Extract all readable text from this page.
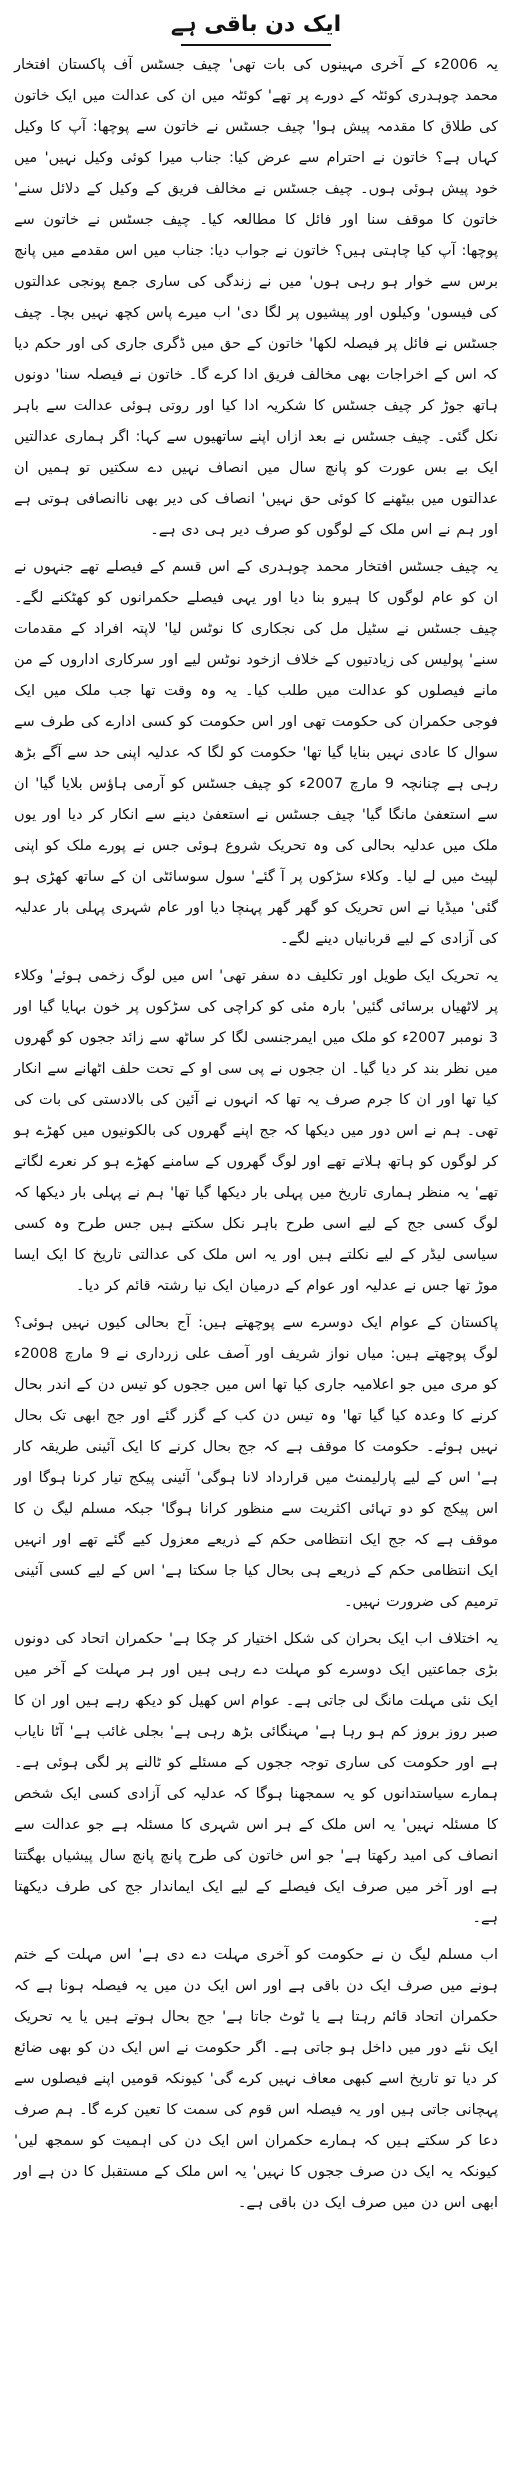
ایک دن باقی ہے

یہ 2006ء کے آخری مہینوں کی بات تھی' چیف جسٹس آف پاکستان افتخار محمد چوہدری کوئٹہ کے دورے پر تھے' کوئٹہ میں ان کی عدالت میں ایک خاتون کی طلاق کا مقدمہ پیش ہوا' چیف جسٹس نے خاتون سے پوچھا: آپ کا وکیل کہاں ہے؟ خاتون نے احترام سے عرض کیا: جناب میرا کوئی وکیل نہیں' میں خود پیش ہوئی ہوں۔ چیف جسٹس نے مخالف فریق کے وکیل کے دلائل سنے' خاتون کا موقف سنا اور فائل کا مطالعہ کیا۔ چیف جسٹس نے خاتون سے پوچھا: آپ کیا چاہتی ہیں؟ خاتون نے جواب دیا: جناب میں اس مقدمے میں پانچ برس سے خوار ہو رہی ہوں' میں نے زندگی کی ساری جمع پونجی عدالتوں کی فیسوں' وکیلوں اور پیشیوں پر لگا دی' اب میرے پاس کچھ نہیں بچا۔ چیف جسٹس نے فائل پر فیصلہ لکھا' خاتون کے حق میں ڈگری جاری کی اور حکم دیا کہ اس کے اخراجات بھی مخالف فریق ادا کرے گا۔ خاتون نے فیصلہ سنا' دونوں ہاتھ جوڑ کر چیف جسٹس کا شکریہ ادا کیا اور روتی ہوئی عدالت سے باہر نکل گئی۔ چیف جسٹس نے بعد ازاں اپنے ساتھیوں سے کہا: اگر ہماری عدالتیں ایک بے بس عورت کو پانچ سال میں انصاف نہیں دے سکتیں تو ہمیں ان عدالتوں میں بیٹھنے کا کوئی حق نہیں' انصاف کی دیر بھی ناانصافی ہوتی ہے اور ہم نے اس ملک کے لوگوں کو صرف دیر ہی دی ہے۔

یہ چیف جسٹس افتخار محمد چوہدری کے اس قسم کے فیصلے تھے جنہوں نے ان کو عام لوگوں کا ہیرو بنا دیا اور یہی فیصلے حکمرانوں کو کھٹکنے لگے۔ چیف جسٹس نے سٹیل مل کی نجکاری کا نوٹس لیا' لاپتہ افراد کے مقدمات سنے' پولیس کی زیادتیوں کے خلاف ازخود نوٹس لیے اور سرکاری اداروں کے من مانے فیصلوں کو عدالت میں طلب کیا۔ یہ وہ وقت تھا جب ملک میں ایک فوجی حکمران کی حکومت تھی اور اس حکومت کو کسی ادارے کی طرف سے سوال کا عادی نہیں بنایا گیا تھا' حکومت کو لگا کہ عدلیہ اپنی حد سے آگے بڑھ رہی ہے چنانچہ 9 مارچ 2007ء کو چیف جسٹس کو آرمی ہاؤس بلایا گیا' ان سے استعفیٰ مانگا گیا' چیف جسٹس نے استعفیٰ دینے سے انکار کر دیا اور یوں ملک میں عدلیہ بحالی کی وہ تحریک شروع ہوئی جس نے پورے ملک کو اپنی لپیٹ میں لے لیا۔ وکلاء سڑکوں پر آ گئے' سول سوسائٹی ان کے ساتھ کھڑی ہو گئی' میڈیا نے اس تحریک کو گھر گھر پہنچا دیا اور عام شہری پہلی بار عدلیہ کی آزادی کے لیے قربانیاں دینے لگے۔

یہ تحریک ایک طویل اور تکلیف دہ سفر تھی' اس میں لوگ زخمی ہوئے' وکلاء پر لاٹھیاں برسائی گئیں' بارہ مئی کو کراچی کی سڑکوں پر خون بہایا گیا اور 3 نومبر 2007ء کو ملک میں ایمرجنسی لگا کر ساٹھ سے زائد ججوں کو گھروں میں نظر بند کر دیا گیا۔ ان ججوں نے پی سی او کے تحت حلف اٹھانے سے انکار کیا تھا اور ان کا جرم صرف یہ تھا کہ انہوں نے آئین کی بالادستی کی بات کی تھی۔ ہم نے اس دور میں دیکھا کہ جج اپنے گھروں کی بالکونیوں میں کھڑے ہو کر لوگوں کو ہاتھ ہلاتے تھے اور لوگ گھروں کے سامنے کھڑے ہو کر نعرے لگاتے تھے' یہ منظر ہماری تاریخ میں پہلی بار دیکھا گیا تھا' ہم نے پہلی بار دیکھا کہ لوگ کسی جج کے لیے اسی طرح باہر نکل سکتے ہیں جس طرح وہ کسی سیاسی لیڈر کے لیے نکلتے ہیں اور یہ اس ملک کی عدالتی تاریخ کا ایک ایسا موڑ تھا جس نے عدلیہ اور عوام کے درمیان ایک نیا رشتہ قائم کر دیا۔

پاکستان کے عوام ایک دوسرے سے پوچھتے ہیں: آج بحالی کیوں نہیں ہوئی؟ لوگ پوچھتے ہیں: میاں نواز شریف اور آصف علی زرداری نے 9 مارچ 2008ء کو مری میں جو اعلامیہ جاری کیا تھا اس میں ججوں کو تیس دن کے اندر بحال کرنے کا وعدہ کیا گیا تھا' وہ تیس دن کب کے گزر گئے اور جج ابھی تک بحال نہیں ہوئے۔ حکومت کا موقف ہے کہ جج بحال کرنے کا ایک آئینی طریقہ کار ہے' اس کے لیے پارلیمنٹ میں قرارداد لانا ہوگی' آئینی پیکج تیار کرنا ہوگا اور اس پیکج کو دو تہائی اکثریت سے منظور کرانا ہوگا' جبکہ مسلم لیگ ن کا موقف ہے کہ جج ایک انتظامی حکم کے ذریعے معزول کیے گئے تھے اور انہیں ایک انتظامی حکم کے ذریعے ہی بحال کیا جا سکتا ہے' اس کے لیے کسی آئینی ترمیم کی ضرورت نہیں۔

یہ اختلاف اب ایک بحران کی شکل اختیار کر چکا ہے' حکمران اتحاد کی دونوں بڑی جماعتیں ایک دوسرے کو مہلت دے رہی ہیں اور ہر مہلت کے آخر میں ایک نئی مہلت مانگ لی جاتی ہے۔ عوام اس کھیل کو دیکھ رہے ہیں اور ان کا صبر روز بروز کم ہو رہا ہے' مہنگائی بڑھ رہی ہے' بجلی غائب ہے' آٹا نایاب ہے اور حکومت کی ساری توجہ ججوں کے مسئلے کو ٹالنے پر لگی ہوئی ہے۔ ہمارے سیاستدانوں کو یہ سمجھنا ہوگا کہ عدلیہ کی آزادی کسی ایک شخص کا مسئلہ نہیں' یہ اس ملک کے ہر اس شہری کا مسئلہ ہے جو عدالت سے انصاف کی امید رکھتا ہے' جو اس خاتون کی طرح پانچ پانچ سال پیشیاں بھگتتا ہے اور آخر میں صرف ایک فیصلے کے لیے ایک ایماندار جج کی طرف دیکھتا ہے۔

اب مسلم لیگ ن نے حکومت کو آخری مہلت دے دی ہے' اس مہلت کے ختم ہونے میں صرف ایک دن باقی ہے اور اس ایک دن میں یہ فیصلہ ہونا ہے کہ حکمران اتحاد قائم رہتا ہے یا ٹوٹ جاتا ہے' جج بحال ہوتے ہیں یا یہ تحریک ایک نئے دور میں داخل ہو جاتی ہے۔ اگر حکومت نے اس ایک دن کو بھی ضائع کر دیا تو تاریخ اسے کبھی معاف نہیں کرے گی' کیونکہ قومیں اپنے فیصلوں سے پہچانی جاتی ہیں اور یہ فیصلہ اس قوم کی سمت کا تعین کرے گا۔ ہم صرف دعا کر سکتے ہیں کہ ہمارے حکمران اس ایک دن کی اہمیت کو سمجھ لیں' کیونکہ یہ ایک دن صرف ججوں کا نہیں' یہ اس ملک کے مستقبل کا دن ہے اور ابھی اس دن میں صرف ایک دن باقی ہے۔
